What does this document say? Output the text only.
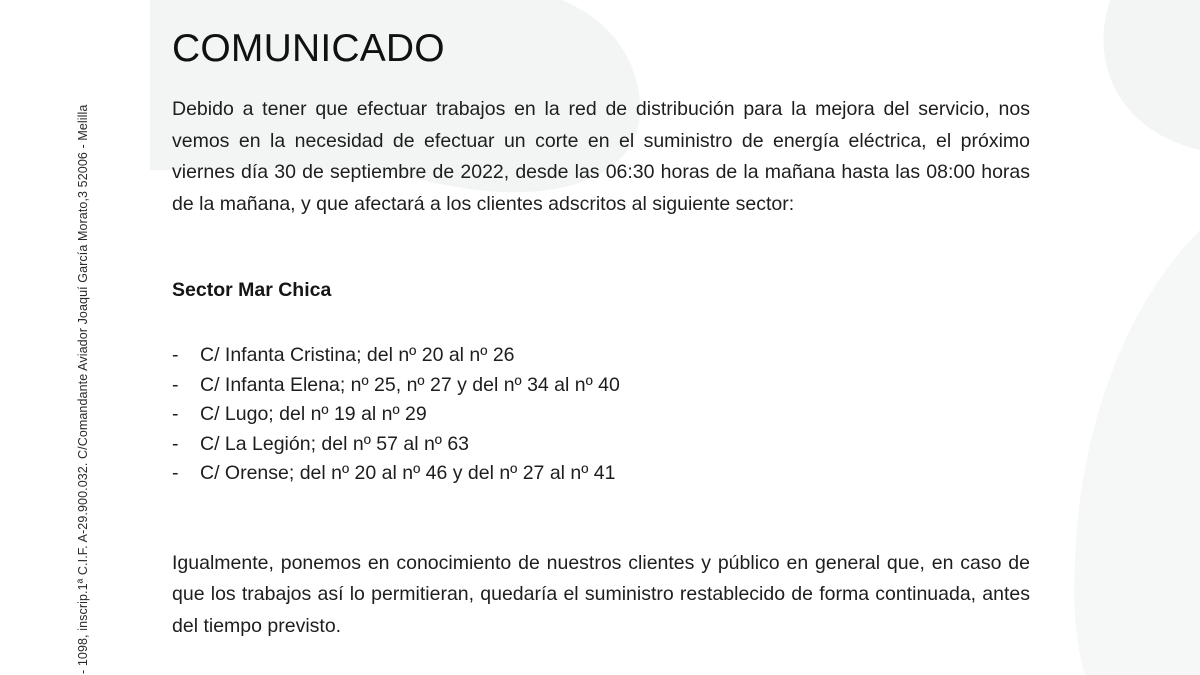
- 1098, inscrip.1ª C.I.F. A-29.900.032. C/Comandante Aviador Joaquí García Morato,3 52006 - Melilla
COMUNICADO

Debido a tener que efectuar trabajos en la red de distribución para la mejora del servicio, nos vemos en la necesidad de efectuar un corte en el suministro de energía eléctrica, el próximo viernes día 30 de septiembre de 2022, desde las 06:30 horas de la mañana hasta las 08:00 horas de la mañana, y que afectará a los clientes adscritos al siguiente sector:

Sector Mar Chica
-	C/ Infanta Cristina; del nº 20 al nº 26
-	C/ Infanta Elena; nº 25, nº 27 y del nº 34 al nº 40
-	C/ Lugo; del nº 19 al nº 29
-	C/ La Legión; del nº 57 al nº 63
-	C/ Orense; del nº 20 al nº 46 y del nº 27 al nº 41

Igualmente, ponemos en conocimiento de nuestros clientes y público en general que, en caso de que los trabajos así lo permitieran, quedaría el suministro restablecido de forma continuada, antes del tiempo previsto.
